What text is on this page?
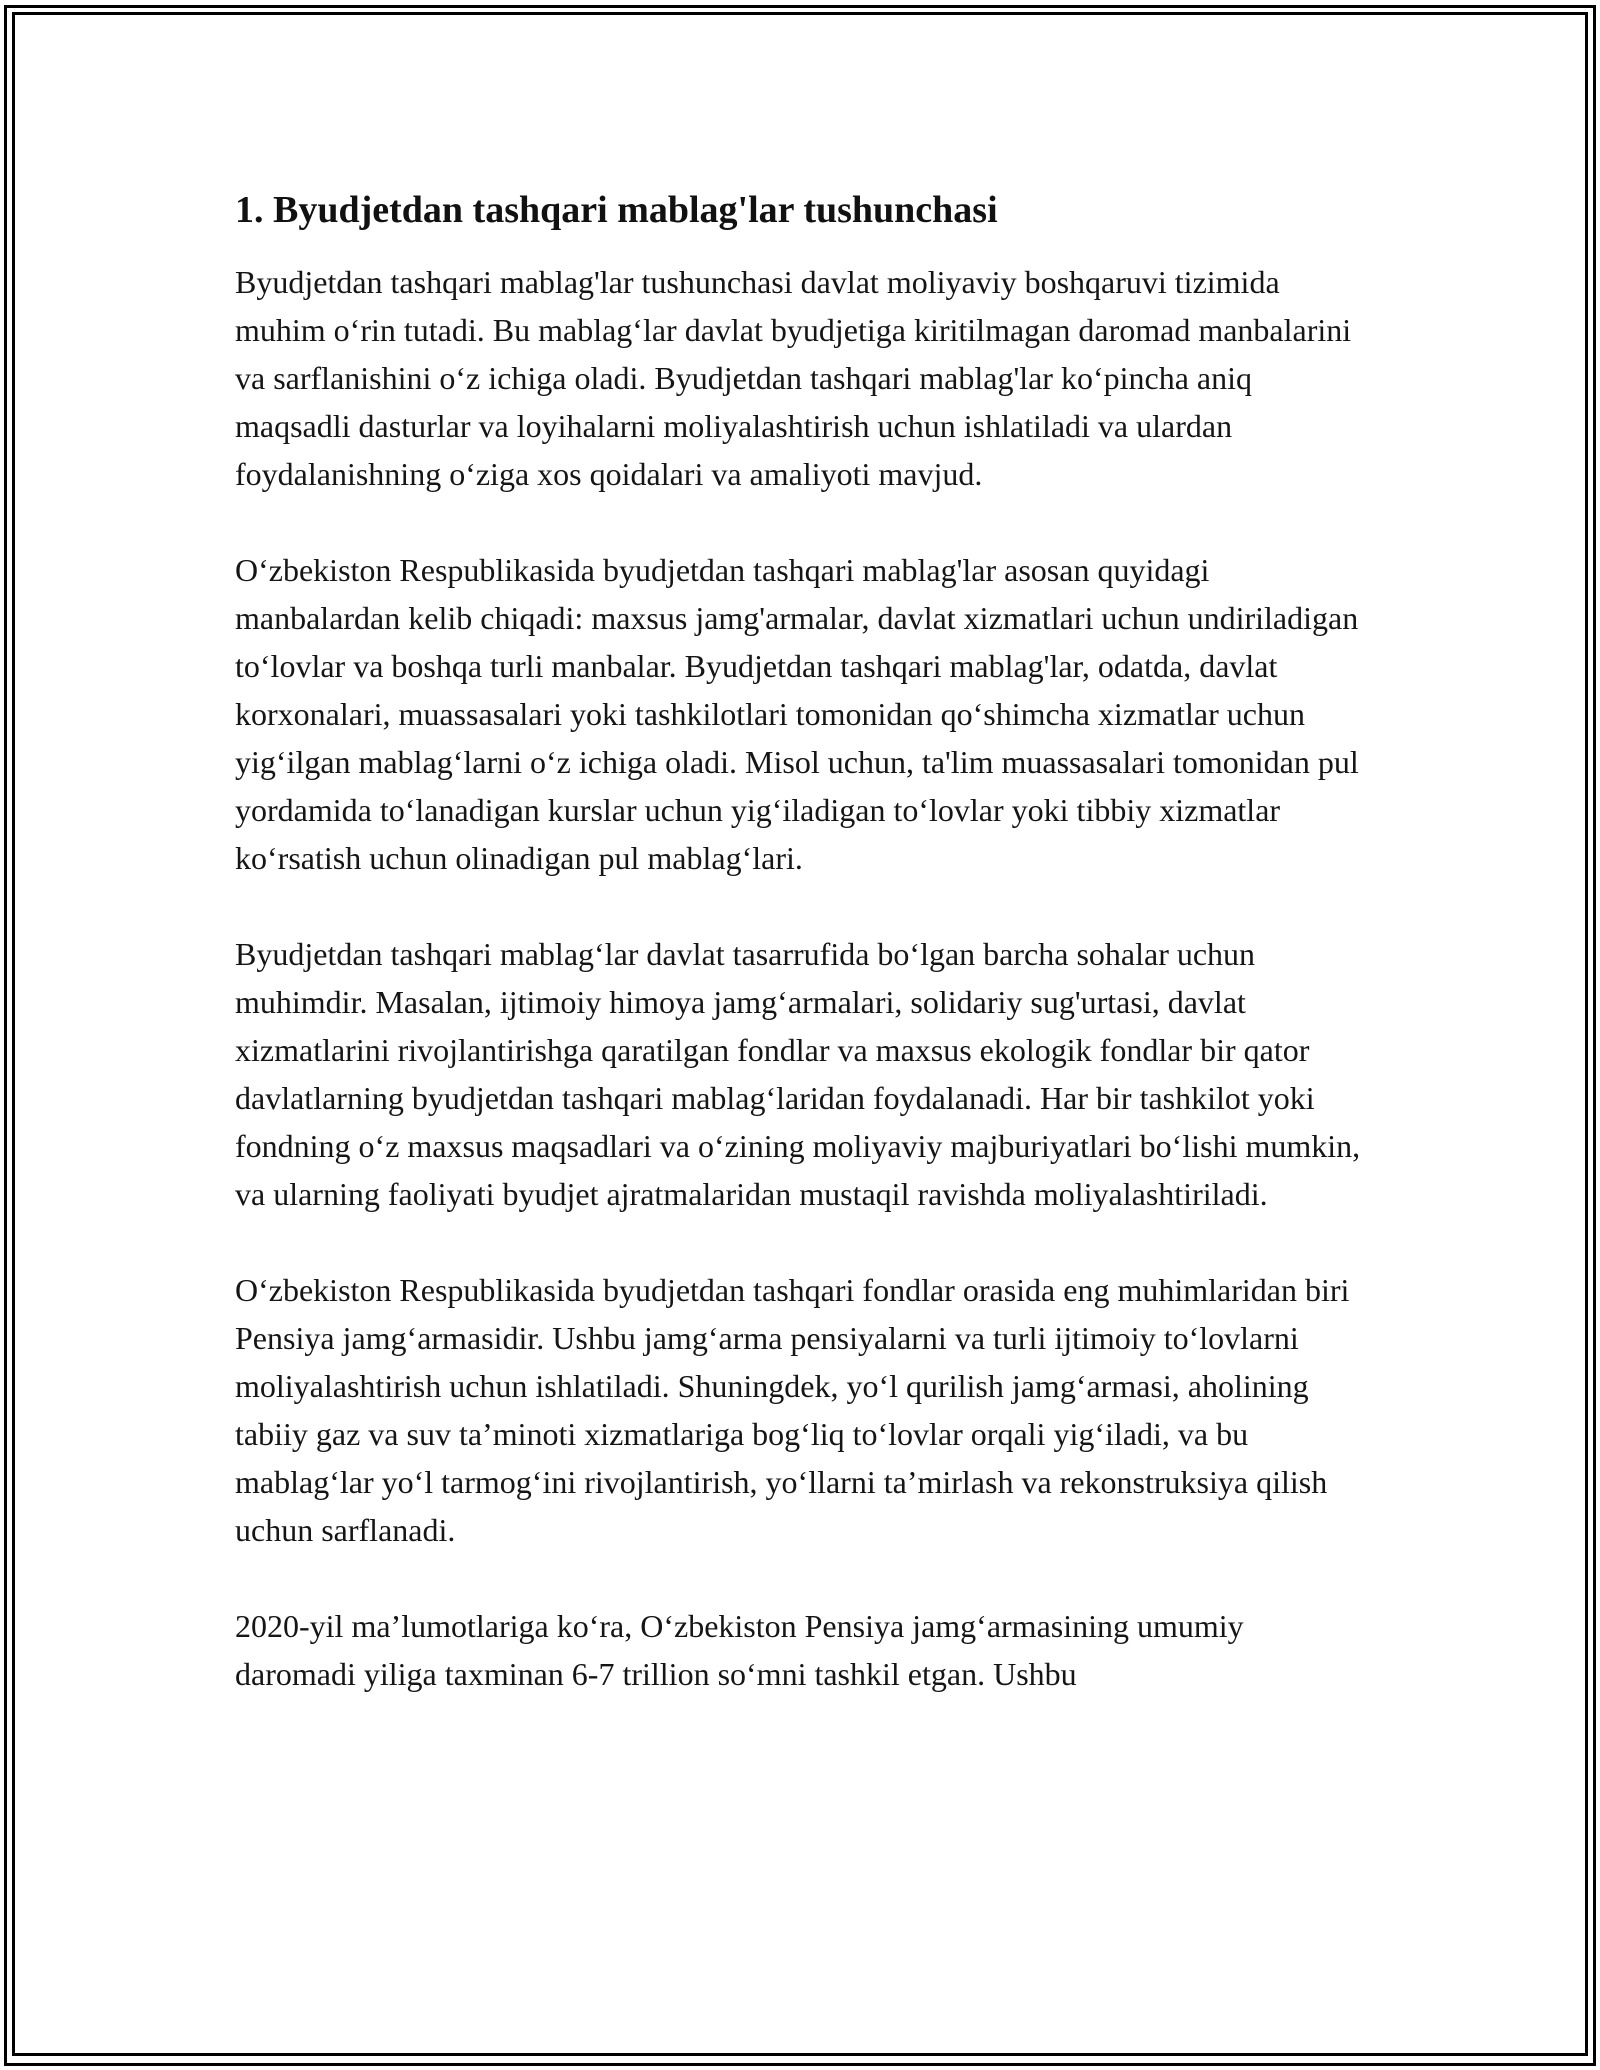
1. Byudjetdan tashqari mablag'lar tushunchasi

Byudjetdan tashqari mablag'lar tushunchasi davlat moliyaviy boshqaruvi tizimida muhim o‘rin tutadi. Bu mablag‘lar davlat byudjetiga kiritilmagan daromad manbalarini va sarflanishini o‘z ichiga oladi. Byudjetdan tashqari mablag'lar ko‘pincha aniq maqsadli dasturlar va loyihalarni moliyalashtirish uchun ishlatiladi va ulardan foydalanishning o‘ziga xos qoidalari va amaliyoti mavjud.

O‘zbekiston Respublikasida byudjetdan tashqari mablag'lar asosan quyidagi manbalardan kelib chiqadi: maxsus jamg'armalar, davlat xizmatlari uchun undiriladigan to‘lovlar va boshqa turli manbalar. Byudjetdan tashqari mablag'lar, odatda, davlat korxonalari, muassasalari yoki tashkilotlari tomonidan qo‘shimcha xizmatlar uchun yig‘ilgan mablag‘larni o‘z ichiga oladi. Misol uchun, ta'lim muassasalari tomonidan pul yordamida to‘lanadigan kurslar uchun yig‘iladigan to‘lovlar yoki tibbiy xizmatlar ko‘rsatish uchun olinadigan pul mablag‘lari.

Byudjetdan tashqari mablag‘lar davlat tasarrufida bo‘lgan barcha sohalar uchun muhimdir. Masalan, ijtimoiy himoya jamg‘armalari, solidariy sug'urtasi, davlat xizmatlarini rivojlantirishga qaratilgan fondlar va maxsus ekologik fondlar bir qator davlatlarning byudjetdan tashqari mablag‘laridan foydalanadi. Har bir tashkilot yoki fondning o‘z maxsus maqsadlari va o‘zining moliyaviy majburiyatlari bo‘lishi mumkin, va ularning faoliyati byudjet ajratmalaridan mustaqil ravishda moliyalashtiriladi.

O‘zbekiston Respublikasida byudjetdan tashqari fondlar orasida eng muhimlaridan biri Pensiya jamg‘armasidir. Ushbu jamg‘arma pensiyalarni va turli ijtimoiy to‘lovlarni moliyalashtirish uchun ishlatiladi. Shuningdek, yo‘l qurilish jamg‘armasi, aholining tabiiy gaz va suv ta’minoti xizmatlariga bog‘liq to‘lovlar orqali yig‘iladi, va bu mablag‘lar yo‘l tarmog‘ini rivojlantirish, yo‘llarni ta’mirlash va rekonstruksiya qilish uchun sarflanadi.

2020-yil ma’lumotlariga ko‘ra, O‘zbekiston Pensiya jamg‘armasining umumiy daromadi yiliga taxminan 6-7 trillion so‘mni tashkil etgan. Ushbu
